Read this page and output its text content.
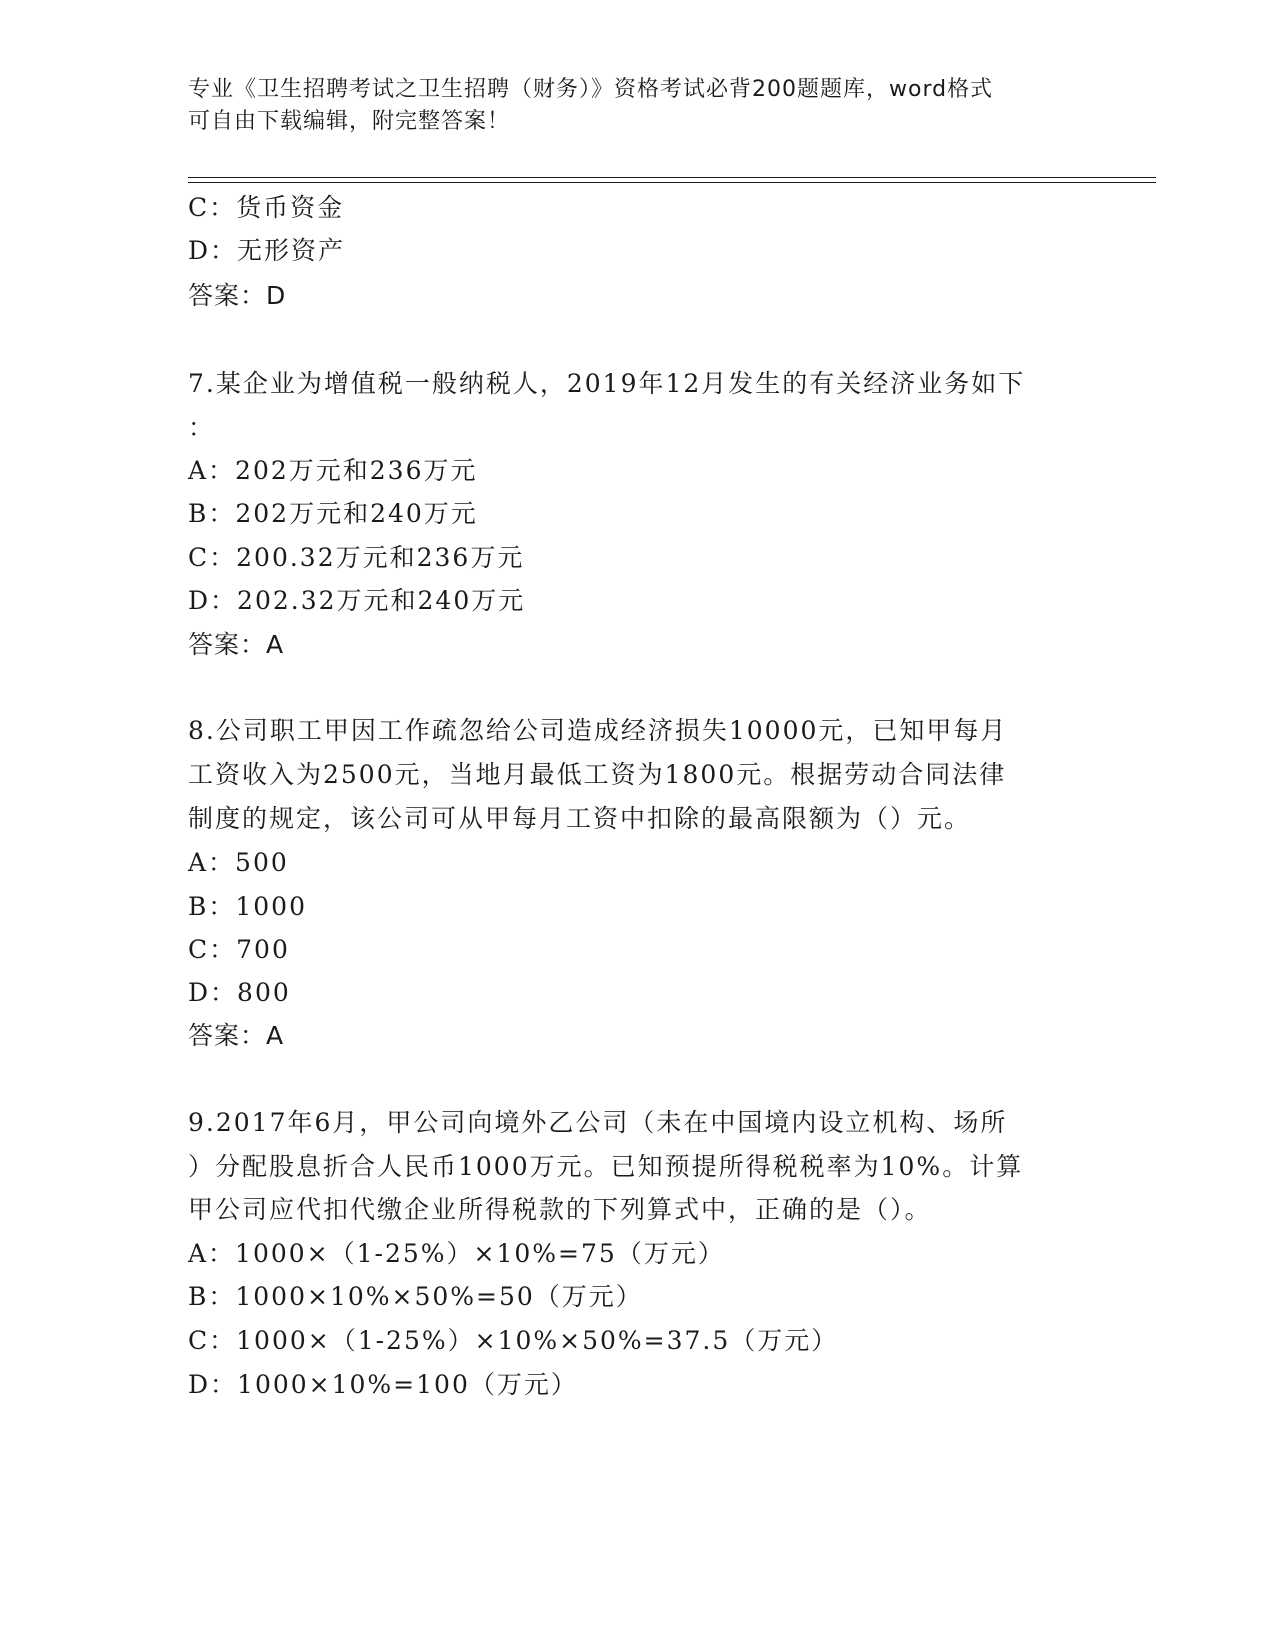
专业《卫生招聘考试之卫生招聘（财务）》资格考试必背200题题库，word格式
可自由下载编辑，附完整答案！
C：货币资金
D：无形资产
答案：D
7.某企业为增值税一般纳税人，2019年12月发生的有关经济业务如下
：
A：202万元和236万元
B：202万元和240万元
C：200.32万元和236万元
D：202.32万元和240万元
答案：A
8.公司职工甲因工作疏忽给公司造成经济损失10000元，已知甲每月
工资收入为2500元，当地月最低工资为1800元。根据劳动合同法律
制度的规定，该公司可从甲每月工资中扣除的最高限额为（）元。
A：500
B：1000
C：700
D：800
答案：A
9.2017年6月，甲公司向境外乙公司（未在中国境内设立机构、场所
）分配股息折合人民币1000万元。已知预提所得税税率为10%。计算
甲公司应代扣代缴企业所得税款的下列算式中，正确的是（）。
A：1000×（1-25%）×10%=75（万元）
B：1000×10%×50%=50（万元）
C：1000×（1-25%）×10%×50%=37.5（万元）
D：1000×10%=100（万元）
